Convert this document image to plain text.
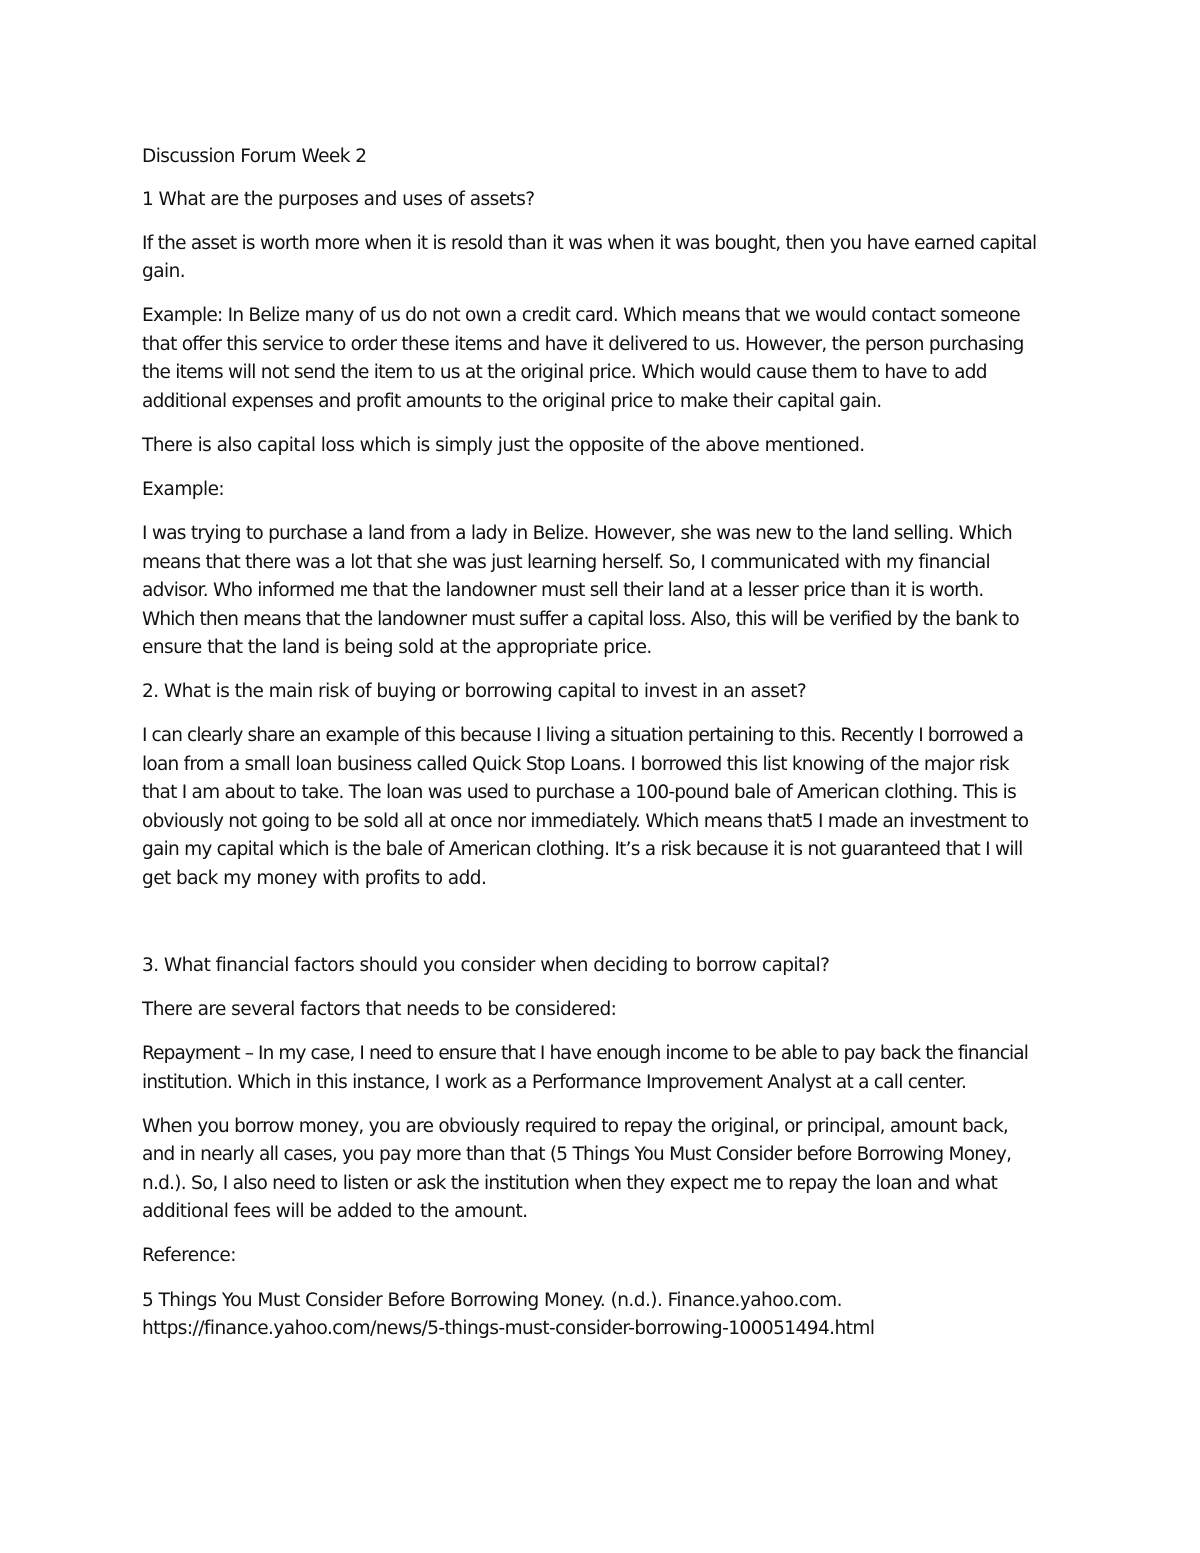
Discussion Forum Week 2
1 What are the purposes and uses of assets?
If the asset is worth more when it is resold than it was when it was bought, then you have earned capital
gain.
Example: In Belize many of us do not own a credit card. Which means that we would contact someone
that offer this service to order these items and have it delivered to us. However, the person purchasing
the items will not send the item to us at the original price. Which would cause them to have to add
additional expenses and profit amounts to the original price to make their capital gain.
There is also capital loss which is simply just the opposite of the above mentioned.
Example:
I was trying to purchase a land from a lady in Belize. However, she was new to the land selling. Which
means that there was a lot that she was just learning herself. So, I communicated with my financial
advisor. Who informed me that the landowner must sell their land at a lesser price than it is worth.
Which then means that the landowner must suffer a capital loss. Also, this will be verified by the bank to
ensure that the land is being sold at the appropriate price.
2. What is the main risk of buying or borrowing capital to invest in an asset?
I can clearly share an example of this because I living a situation pertaining to this. Recently I borrowed a
loan from a small loan business called Quick Stop Loans. I borrowed this list knowing of the major risk
that I am about to take. The loan was used to purchase a 100-pound bale of American clothing. This is
obviously not going to be sold all at once nor immediately. Which means that5 I made an investment to
gain my capital which is the bale of American clothing. It’s a risk because it is not guaranteed that I will
get back my money with profits to add.
3. What financial factors should you consider when deciding to borrow capital?
There are several factors that needs to be considered:
Repayment – In my case, I need to ensure that I have enough income to be able to pay back the financial
institution. Which in this instance, I work as a Performance Improvement Analyst at a call center.
When you borrow money, you are obviously required to repay the original, or principal, amount back,
and in nearly all cases, you pay more than that (5 Things You Must Consider before Borrowing Money,
n.d.). So, I also need to listen or ask the institution when they expect me to repay the loan and what
additional fees will be added to the amount.
Reference:
5 Things You Must Consider Before Borrowing Money. (n.d.). Finance.yahoo.com.
https://finance.yahoo.com/news/5-things-must-consider-borrowing-100051494.html
